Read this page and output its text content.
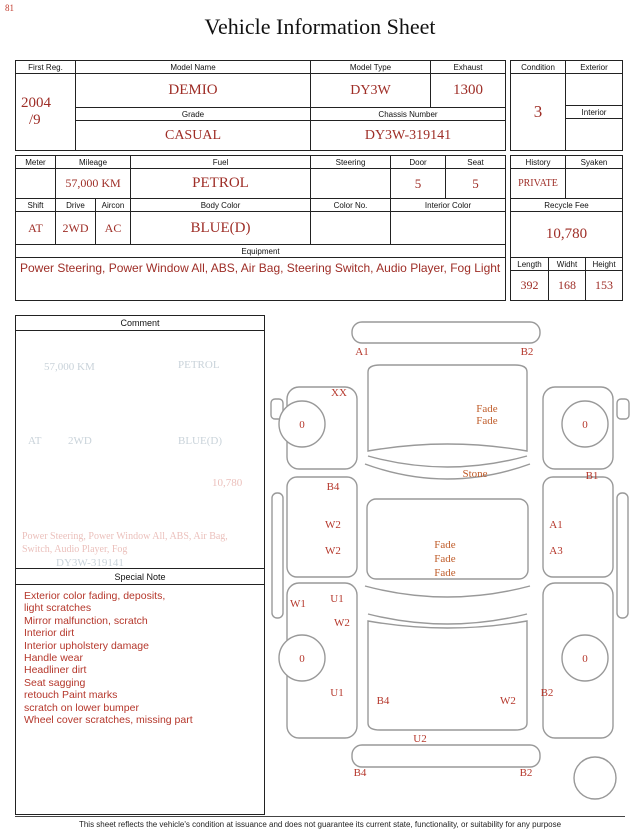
81
Vehicle Information Sheet
First Reg.	Model Name	Model Type	Exhaust

2004
/9	DEMIO	DY3W	1300
	Grade	Chassis Number	
	CASUAL	DY3W-319141	
Condition	Exterior
3	
	Interior

Meter	Mileage		Fuel	Steering	Door	Seat
	57,000 KM		PETROL		5	5
Shift	Drive	Aircon	Body Color	Color No.	Interior Color	
AT	2WD	AC	BLUE(D)			
Equipment						
Power Steering, Power Window All, ABS, Air Bag, Steering Switch, Audio Player, Fog Light						
History	Syaken
PRIVATE	
Recycle Fee	
10,780	
Length	Widht	Height
392	168	153
Comment
57,000 KM	PETROL
AT 2WD	BLUE(D)
10,780
Power Steering, Power Window All, ABS, Air Bag,
Switch, Audio Player, Fog
DY3W-319141
Special Note
Exterior color fading, deposits,
light scratches
Mirror malfunction, scratch
Interior dirt
Interior upholstery damage
Handle wear
Headliner dirt
Seat sagging
retouch Paint marks
scratch on lower bumper
Wheel cover scratches, missing part
A1	B2
XX
Fade
Fade
0	0
Stone	B1
B4
W2	A1
W2	A3
Fade
Fade
Fade
W1 U1
W2
0	0
U1
B4	W2
B2
U2
B4	B2
This sheet reflects the vehicle's condition at issuance and does not guarantee its current state, functionality, or suitability for any purpose
